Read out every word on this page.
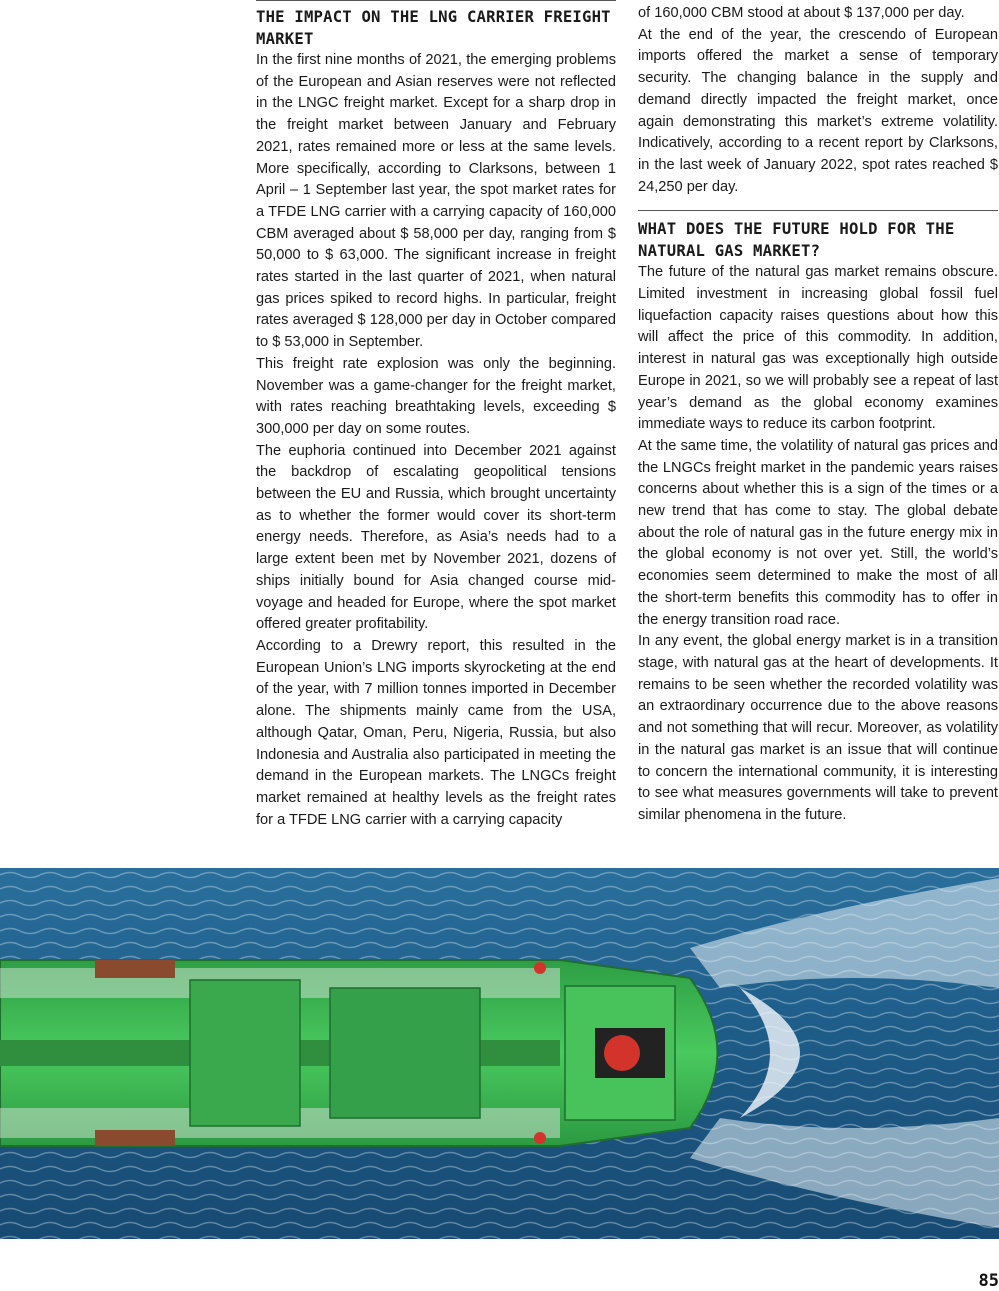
THE IMPACT ON THE LNG CARRIER FREIGHT MARKET

In the first nine months of 2021, the emerging problems of the European and Asian reserves were not reflected in the LNGC freight market. Except for a sharp drop in the freight market between January and February 2021, rates remained more or less at the same levels. More specifically, according to Clarksons, between 1 April – 1 September last year, the spot market rates for a TFDE LNG carrier with a carrying capacity of 160,000 CBM averaged about $ 58,000 per day, ranging from $ 50,000 to $ 63,000. The significant increase in freight rates started in the last quarter of 2021, when natural gas prices spiked to record highs. In particular, freight rates averaged $ 128,000 per day in October compared to $ 53,000 in September.

This freight rate explosion was only the beginning. November was a game-changer for the freight market, with rates reaching breathtaking levels, exceeding $ 300,000 per day on some routes.

The euphoria continued into December 2021 against the backdrop of escalating geopolitical tensions between the EU and Russia, which brought uncertainty as to whether the former would cover its short-term energy needs. Therefore, as Asia’s needs had to a large extent been met by November 2021, dozens of ships initially bound for Asia changed course mid-voyage and headed for Europe, where the spot market offered greater profitability.

According to a Drewry report, this resulted in the European Union’s LNG imports skyrocketing at the end of the year, with 7 million tonnes imported in December alone. The shipments mainly came from the USA, although Qatar, Oman, Peru, Nigeria, Russia, but also Indonesia and Australia also participated in meeting the demand in the European markets. The LNGCs freight market remained at healthy levels as the freight rates for a TFDE LNG carrier with a carrying capacity

of 160,000 CBM stood at about $ 137,000 per day.

At the end of the year, the crescendo of European imports offered the market a sense of temporary security. The changing balance in the supply and demand directly impacted the freight market, once again demonstrating this market’s extreme volatility. Indicatively, according to a recent report by Clarksons, in the last week of January 2022, spot rates reached $ 24,250 per day.

WHAT DOES THE FUTURE HOLD FOR THE NATURAL GAS MARKET?

The future of the natural gas market remains obscure. Limited investment in increasing global fossil fuel liquefaction capacity raises questions about how this will affect the price of this commodity. In addition, interest in natural gas was exceptionally high outside Europe in 2021, so we will probably see a repeat of last year’s demand as the global economy examines immediate ways to reduce its carbon footprint.

At the same time, the volatility of natural gas prices and the LNGCs freight market in the pandemic years raises concerns about whether this is a sign of the times or a new trend that has come to stay. The global debate about the role of natural gas in the future energy mix in the global economy is not over yet. Still, the world’s economies seem determined to make the most of all the short-term benefits this commodity has to offer in the energy transition road race.

In any event, the global energy market is in a transition stage, with natural gas at the heart of developments. It remains to be seen whether the recorded volatility was an extraordinary occurrence due to the above reasons and not something that will recur. Moreover, as volatility in the natural gas market is an issue that will continue to concern the international community, it is interesting to see what measures governments will take to prevent similar phenomena in the future.

85
